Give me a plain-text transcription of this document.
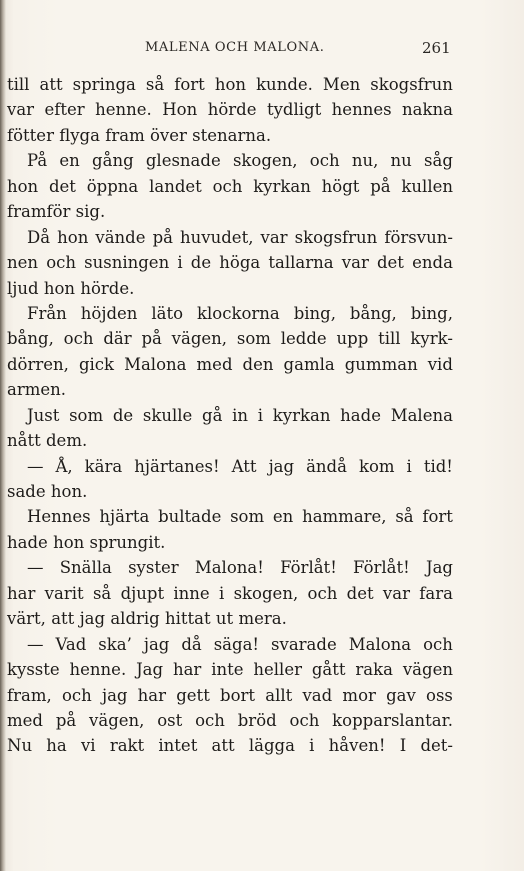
MALENA OCH MALONA.	261
till att springa så fort hon kunde. Men skogsfrun
var efter henne. Hon hörde tydligt hennes nakna
fötter flyga fram över stenarna.
På en gång glesnade skogen, och nu, nu såg
hon det öppna landet och kyrkan högt på kullen
framför sig.
Då hon vände på huvudet, var skogsfrun försvun-
nen och susningen i de höga tallarna var det enda
ljud hon hörde.
Från höjden läto klockorna bing, bång, bing,
bång, och där på vägen, som ledde upp till kyrk-
dörren, gick Malona med den gamla gumman vid
armen.
Just som de skulle gå in i kyrkan hade Malena
nått dem.
— Å, kära hjärtanes! Att jag ändå kom i tid!
sade hon.
Hennes hjärta bultade som en hammare, så fort
hade hon sprungit.
— Snälla syster Malona! Förlåt! Förlåt! Jag
har varit så djupt inne i skogen, och det var fara
värt, att jag aldrig hittat ut mera.
— Vad ska’ jag då säga! svarade Malona och
kysste henne. Jag har inte heller gått raka vägen
fram, och jag har gett bort allt vad mor gav oss
med på vägen, ost och bröd och kopparslantar.
Nu ha vi rakt intet att lägga i håven! I det-
